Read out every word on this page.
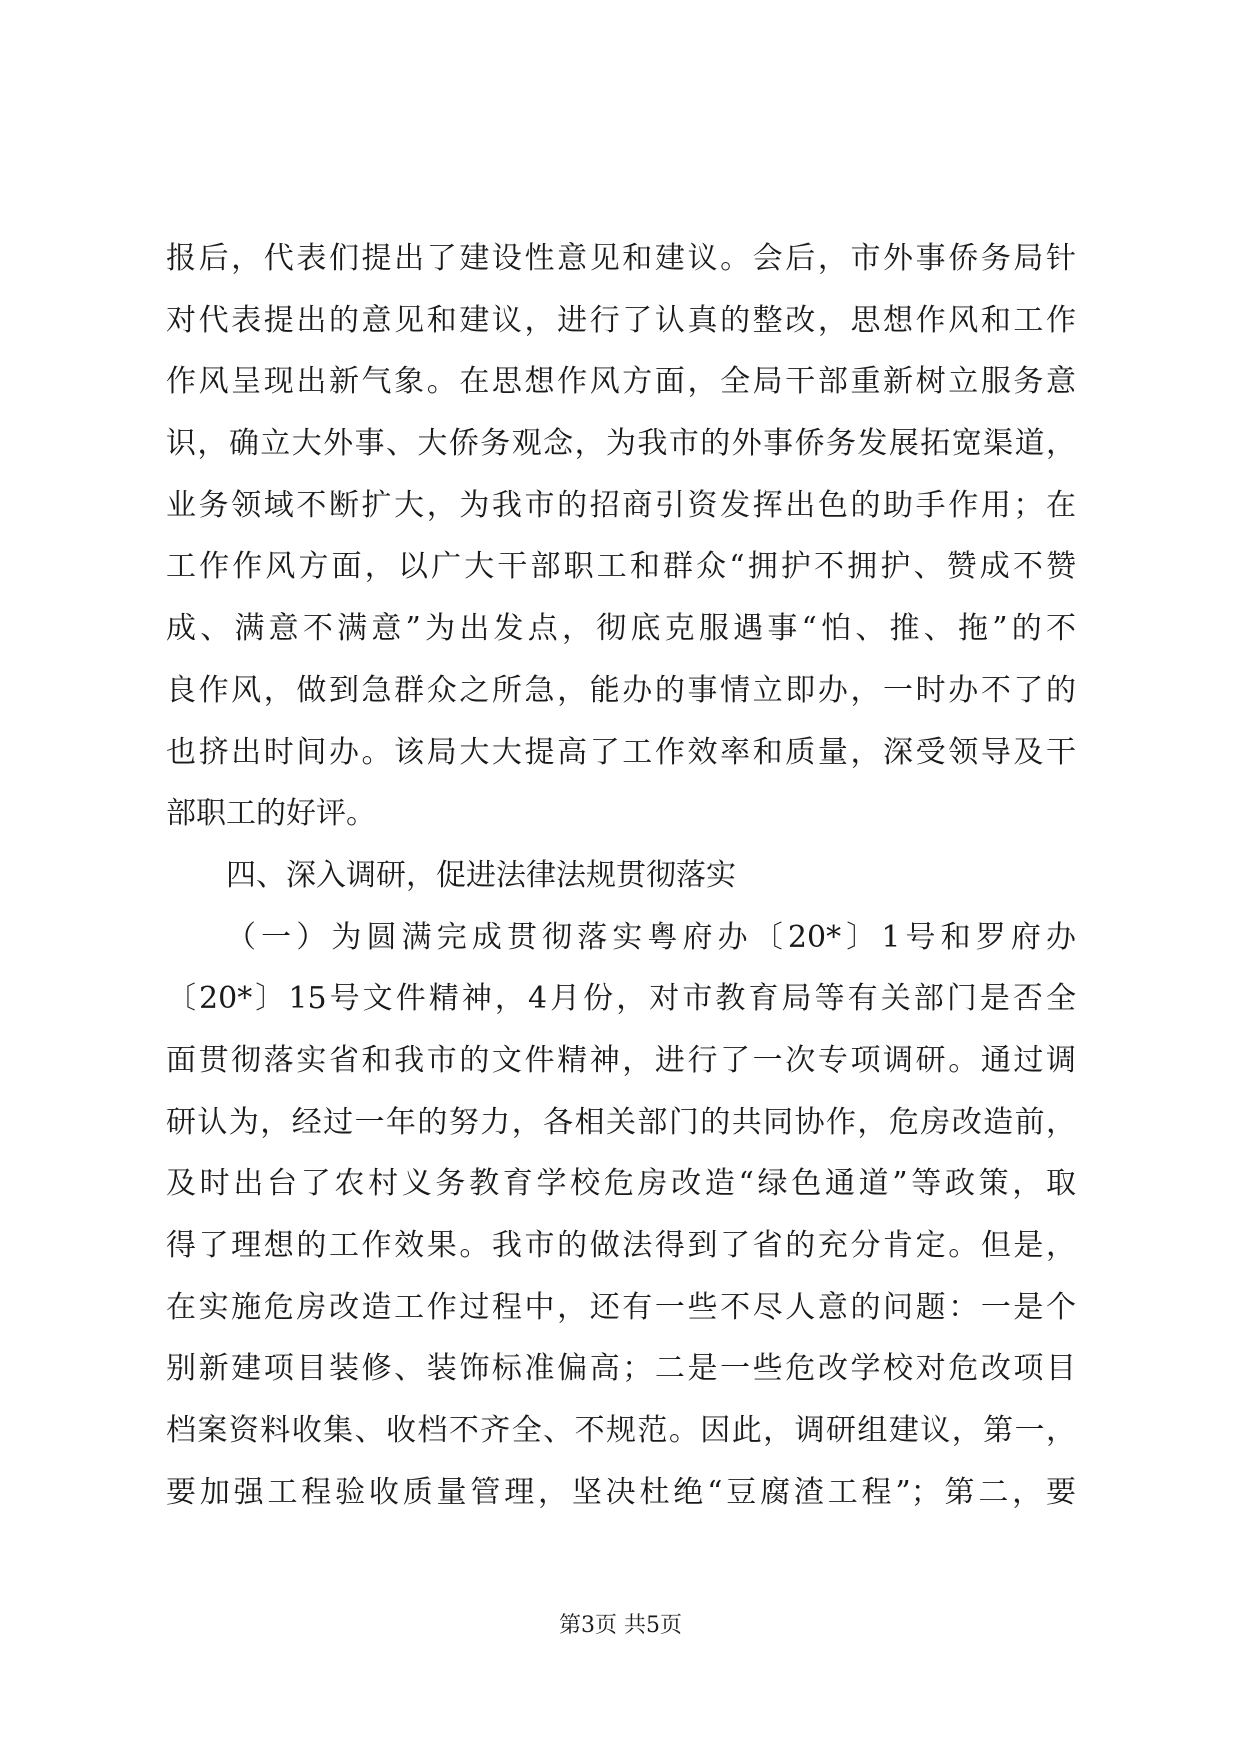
报后，代表们提出了建设性意见和建议。会后，市外事侨务局针
对代表提出的意见和建议，进行了认真的整改，思想作风和工作
作风呈现出新气象。在思想作风方面，全局干部重新树立服务意
识，确立大外事、大侨务观念，为我市的外事侨务发展拓宽渠道，
业务领域不断扩大，为我市的招商引资发挥出色的助手作用；在
工作作风方面，以广大干部职工和群众“拥护不拥护、赞成不赞
成、满意不满意”为出发点，彻底克服遇事“怕、推、拖”的不
良作风，做到急群众之所急，能办的事情立即办，一时办不了的
也挤出时间办。该局大大提高了工作效率和质量，深受领导及干
部职工的好评。
四、深入调研，促进法律法规贯彻落实
（一）为圆满完成贯彻落实粤府办〔20*〕1号和罗府办
〔20*〕15号文件精神，4月份，对市教育局等有关部门是否全
面贯彻落实省和我市的文件精神，进行了一次专项调研。通过调
研认为，经过一年的努力，各相关部门的共同协作，危房改造前，
及时出台了农村义务教育学校危房改造“绿色通道”等政策，取
得了理想的工作效果。我市的做法得到了省的充分肯定。但是，
在实施危房改造工作过程中，还有一些不尽人意的问题：一是个
别新建项目装修、装饰标准偏高；二是一些危改学校对危改项目
档案资料收集、收档不齐全、不规范。因此，调研组建议，第一，
要加强工程验收质量管理，坚决杜绝“豆腐渣工程”；第二，要
第3页 共5页
